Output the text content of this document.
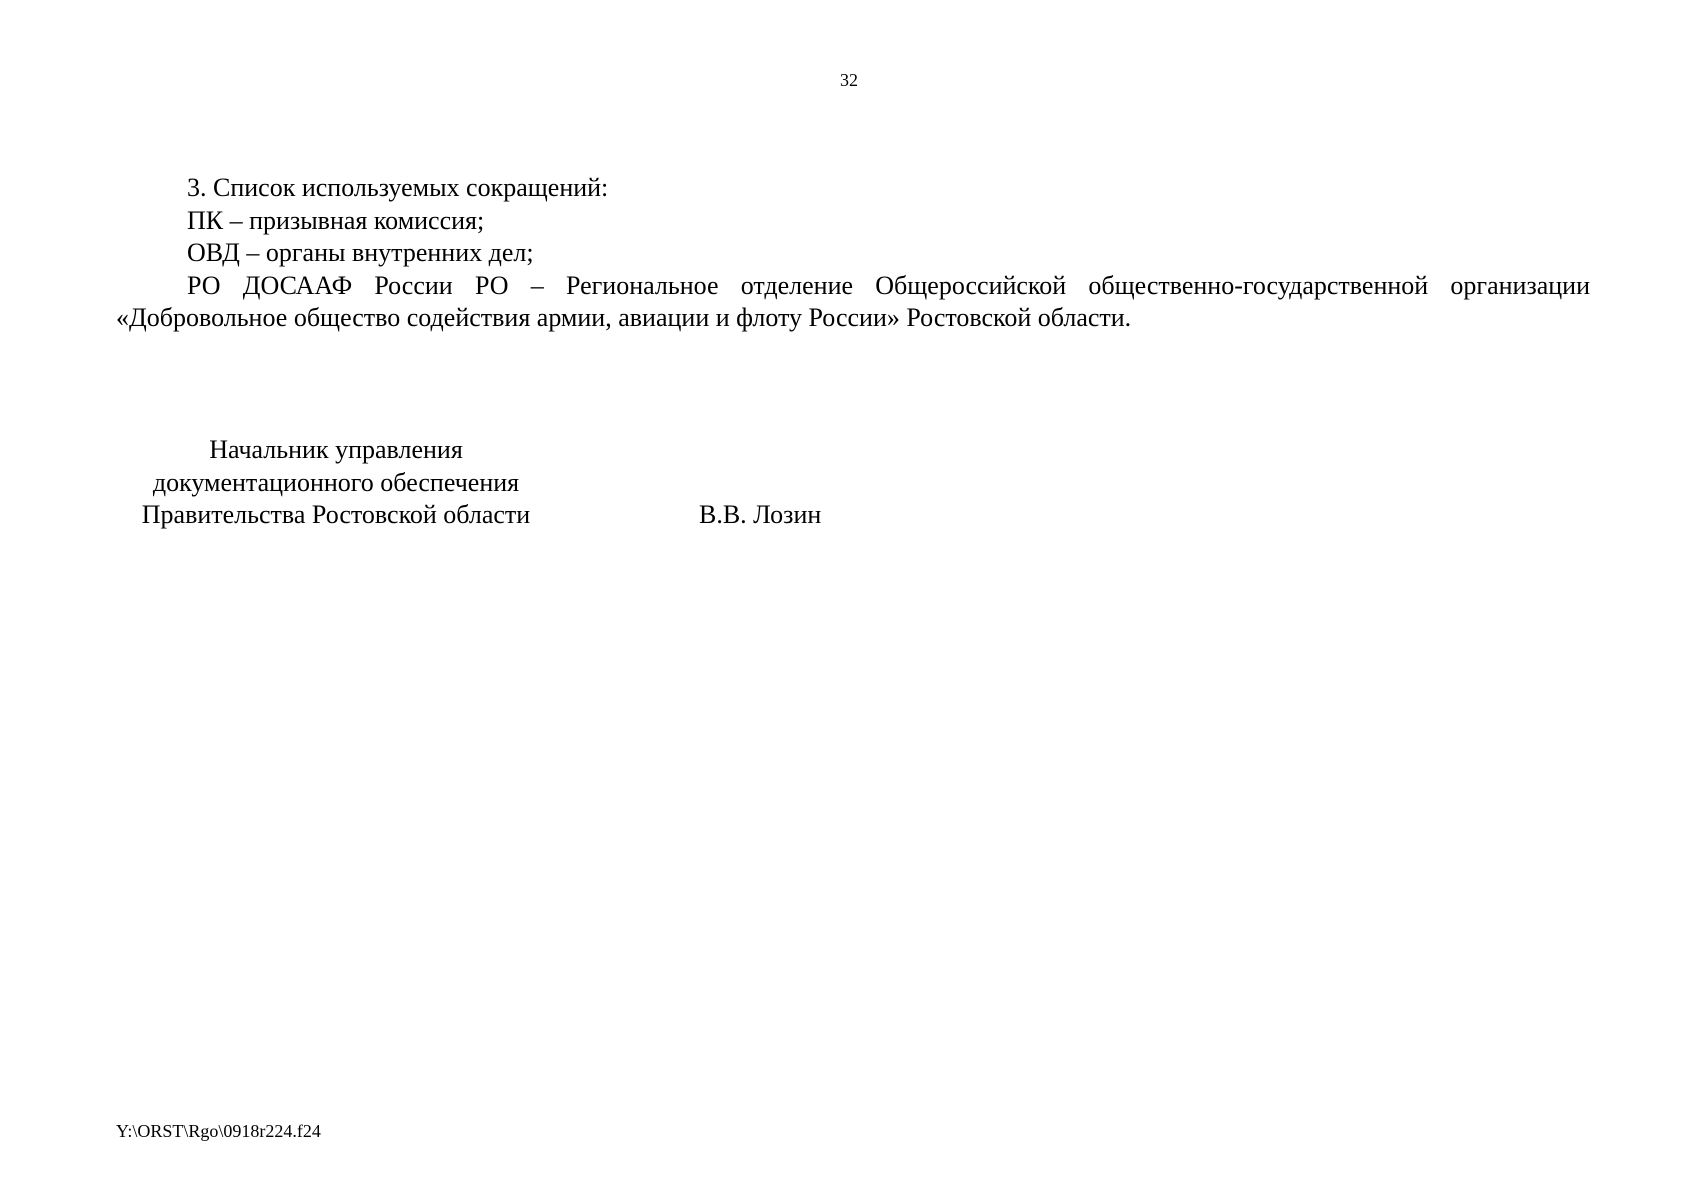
32

3. Список используемых сокращений:

ПК – призывная комиссия;

ОВД – органы внутренних дел;

РО ДОСААФ России РО – Региональное отделение Общероссийской общественно-государственной организации «Добровольное общество содействия армии, авиации и флоту России» Ростовской области.

Начальник управления
документационного обеспечения
Правительства Ростовской области	В.В. Лозин
Y:\ORST\Rgo\0918r224.f24
